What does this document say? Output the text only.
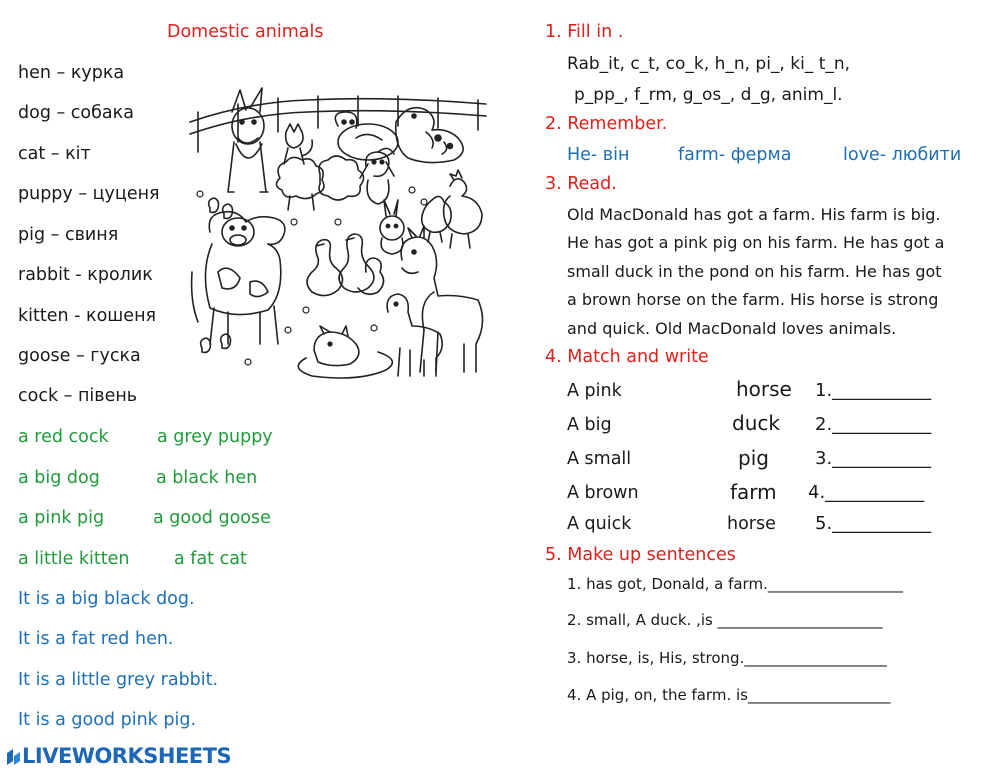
Domestic animals
hen – курка
dog – собака
cat – кіт
puppy – цуценя
pig – свиня
rabbit - кролик
kitten - кошеня
goose – гуска
cock – півень
a red cock	a grey puppy
a big dog	a black hen
a pink pig	a good goose
a little kitten	a fat cat
It is a big black dog.
It is a fat red hen.
It is a little grey rabbit.
It is a good pink pig.
1. Fill in .
Rab_it, c_t, co_k, h_n, pi_, ki_ t_n,
p_pp_, f_rm, g_os_, d_g, anim_l.
2. Remember.
He- він	farm- ферма	love- любити
3. Read.
Old MacDonald has got a farm. His farm is big.
He has got a pink pig on his farm. He has got a
small duck in the pond on his farm. He has got
a brown horse on the farm. His horse is strong
and quick. Old MacDonald loves animals.
4. Match and write
A pink	horse 1.___________
A big	duck 2.___________
A small	pig	3.___________
A brown	farm 4.___________
A quick	horse 5.___________
5. Make up sentences
1. has got, Donald, a farm.__________________
2. small, A duck. ,is ______________________
3. horse, is, His, strong.___________________
4. A pig, on, the farm. is___________________
LIVEWORKSHEETS
